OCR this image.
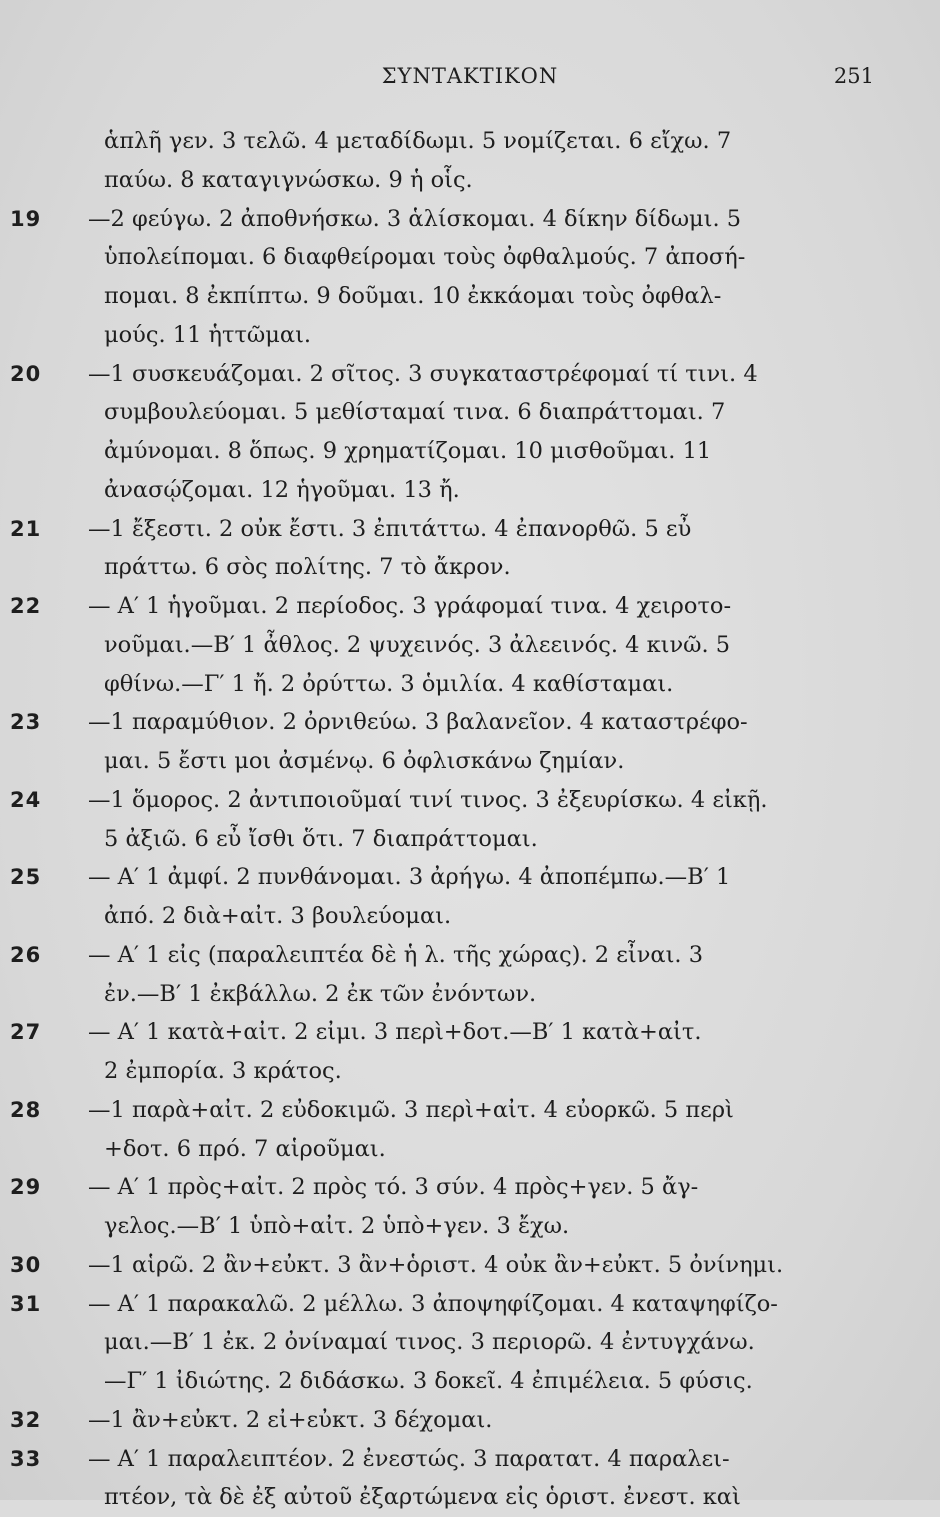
ΣΥΝΤΑΚΤΙΚΟΝ	251
ἁπλῆ γεν. 3 τελῶ. 4 μεταδίδωμι. 5 νομίζεται. 6 εἴχω. 7
παύω. 8 καταγιγνώσκω. 9 ἡ οἷς.
19	—2 φεύγω. 2 ἀποθνήσκω. 3 ἁλίσκομαι. 4 δίκην δίδωμι. 5
ὑπολείπομαι. 6 διαφθείρομαι τοὺς ὀφθαλμούς. 7 ἀποσή-
πομαι. 8 ἐκπίπτω. 9 δοῦμαι. 10 ἐκκάομαι τοὺς ὀφθαλ-
μούς. 11 ἡττῶμαι.
20	—1 συσκευάζομαι. 2 σῖτος. 3 συγκαταστρέφομαί τί τινι. 4
συμβουλεύομαι. 5 μεθίσταμαί τινα. 6 διαπράττομαι. 7
ἀμύνομαι. 8 ὅπως. 9 χρηματίζομαι. 10 μισθοῦμαι. 11
ἀνασῴζομαι. 12 ἡγοῦμαι. 13 ἤ.
21	—1 ἔξεστι. 2 οὐκ ἔστι. 3 ἐπιτάττω. 4 ἐπανορθῶ. 5 εὖ
πράττω. 6 σὸς πολίτης. 7 τὸ ἄκρον.
22	— Α′ 1 ἡγοῦμαι. 2 περίοδος. 3 γράφομαί τινα. 4 χειροτο-
νοῦμαι.—Β′ 1 ἆθλος. 2 ψυχεινός. 3 ἀλεεινός. 4 κινῶ. 5
φθίνω.—Γ′ 1 ἤ. 2 ὀρύττω. 3 ὁμιλία. 4 καθίσταμαι.
23	—1 παραμύθιον. 2 ὀρνιθεύω. 3 βαλανεῖον. 4 καταστρέφο-
μαι. 5 ἔστι μοι ἀσμένῳ. 6 ὀφλισκάνω ζημίαν.
24	—1 ὅμορος. 2 ἀντιποιοῦμαί τινί τινος. 3 ἐξευρίσκω. 4 εἰκῇ.
5 ἀξιῶ. 6 εὖ ἴσθι ὅτι. 7 διαπράττομαι.
25	— Α′ 1 ἀμφί. 2 πυνθάνομαι. 3 ἀρήγω. 4 ἀποπέμπω.—Β′ 1
ἀπό. 2 διὰ+αἰτ. 3 βουλεύομαι.
26	— Α′ 1 εἰς (παραλειπτέα δὲ ἡ λ. τῆς χώρας). 2 εἶναι. 3
ἐν.—Β′ 1 ἐκβάλλω. 2 ἐκ τῶν ἐνόντων.
27	— Α′ 1 κατὰ+αἰτ. 2 εἰμι. 3 περὶ+δοτ.—Β′ 1 κατὰ+αἰτ.
2 ἐμπορία. 3 κράτος.
28	—1 παρὰ+αἰτ. 2 εὐδοκιμῶ. 3 περὶ+αἰτ. 4 εὐορκῶ. 5 περὶ
+δοτ. 6 πρό. 7 αἱροῦμαι.
29	— Α′ 1 πρὸς+αἰτ. 2 πρὸς τό. 3 σύν. 4 πρὸς+γεν. 5 ἄγ-
γελος.—Β′ 1 ὑπὸ+αἰτ. 2 ὑπὸ+γεν. 3 ἔχω.
30	—1 αἱρῶ. 2 ἂν+εὐκτ. 3 ἂν+ὁριστ. 4 οὐκ ἂν+εὐκτ. 5 ὀνίνημι.
31	— Α′ 1 παρακαλῶ. 2 μέλλω. 3 ἀποψηφίζομαι. 4 καταψηφίζο-
μαι.—Β′ 1 ἐκ. 2 ὀνίναμαί τινος. 3 περιορῶ. 4 ἐντυγχάνω.
—Γ′ 1 ἰδιώτης. 2 διδάσκω. 3 δοκεῖ. 4 ἐπιμέλεια. 5 φύσις.
32	—1 ἂν+εὐκτ. 2 εἰ+εὐκτ. 3 δέχομαι.
33	— Α′ 1 παραλειπτέον. 2 ἐνεστώς. 3 παρατατ. 4 παραλει-
πτέον, τὰ δὲ ἐξ αὐτοῦ ἐξαρτώμενα εἰς ὁριστ. ἐνεστ. καὶ
